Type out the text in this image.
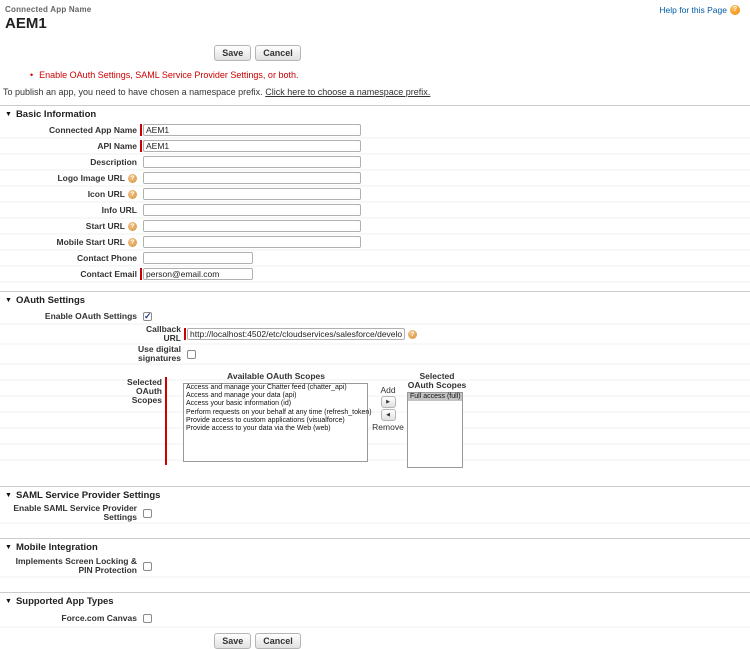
Connected App Name
AEM1
Help for this Page ?
Save Cancel
• Enable OAuth Settings, SAML Service Provider Settings, or both.
To publish an app, you need to have chosen a namespace prefix. Click here to choose a namespace prefix.
▼ Basic Information
Connected App Name
AEM1
API Name
AEM1
Description
Logo Image URL ?
Icon URL ?
Info URL
Start URL ?
Mobile Start URL ?
Contact Phone
Contact Email
person@email.com
▼ OAuth Settings
Enable OAuth Settings
✓
Callback URL
http://localhost:4502/etc/cloudservices/salesforce/developer.html	?
Use digital signatures
Selected OAuth Scopes
Available OAuth Scopes
Access and manage your Chatter feed (chatter_api)
Access and manage your data (api)
Access your basic information (id)
Perform requests on your behalf at any time (refresh_token)
Provide access to custom applications (visualforce)
Provide access to your data via the Web (web)
Add
▶
◀
Remove
Selected OAuth Scopes
Full access (full)
▼ SAML Service Provider Settings
Enable SAML Service Provider Settings
▼ Mobile Integration
Implements Screen Locking & PIN Protection
▼ Supported App Types
Force.com Canvas
Save Cancel
